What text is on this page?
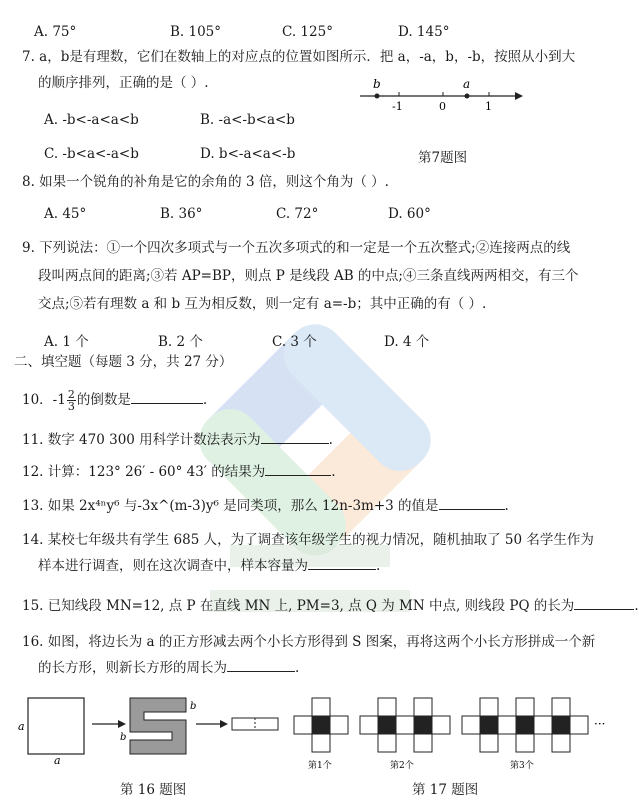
A. 75°	B. 105°	C. 125°	D. 145°
7. a，b是有理数，它们在数轴上的对应点的位置如图所示．把 a，-a，b，-b，按照从小到大
的顺序排列，正确的是（ ）.	b	a
-1	0	1
A. -b<-a<a<b	B. -a<-b<a<b
C. -b<a<-a<b	D. b<-a<a<-b	第7题图
8. 如果一个锐角的补角是它的余角的 3 倍，则这个角为（ ）.
A. 45°	B. 36°	C. 72°	D. 60°
9. 下列说法：①一个四次多项式与一个五次多项式的和一定是一个五次整式;②连接两点的线
段叫两点间的距离;③若 AP=BP，则点 P 是线段 AB 的中点;④三条直线两两相交，有三个
交点;⑤若有理数 a 和 b 互为相反数，则一定有 a=-b；其中正确的有（ ）.
A. 1 个	B. 2 个	C. 3 个	D. 4 个
二、填空题（每题 3 分，共 27 分）
10．$-1 \frac{2}{3}$ 的倒数是	.
11. 数字 470 300 用科学计数法表示为	.
12. 计算：123° 26′ - 60° 43′ 的结果为	.
13. 如果 2x⁴ⁿy⁶ 与-3x^(m-3)y⁶ 是同类项，那么 12n-3m+3 的值是	.
14. 某校七年级共有学生 685 人，为了调查该年级学生的视力情况，随机抽取了 50 名学生作为
样本进行调查，则在这次调查中，样本容量为	.
15. 已知线段 MN=12, 点 P 在直线 MN 上, PM=3, 点 Q 为 MN 中点, 则线段 PQ 的长为	.
16. 如图，将边长为 a 的正方形减去两个小长方形得到 S 图案，再将这两个小长方形拼成一个新
的长方形，则新长方形的周长为	.
a
a
b
b
第 16 题图
···
第1个	第2个	第3个
第 17 题图
